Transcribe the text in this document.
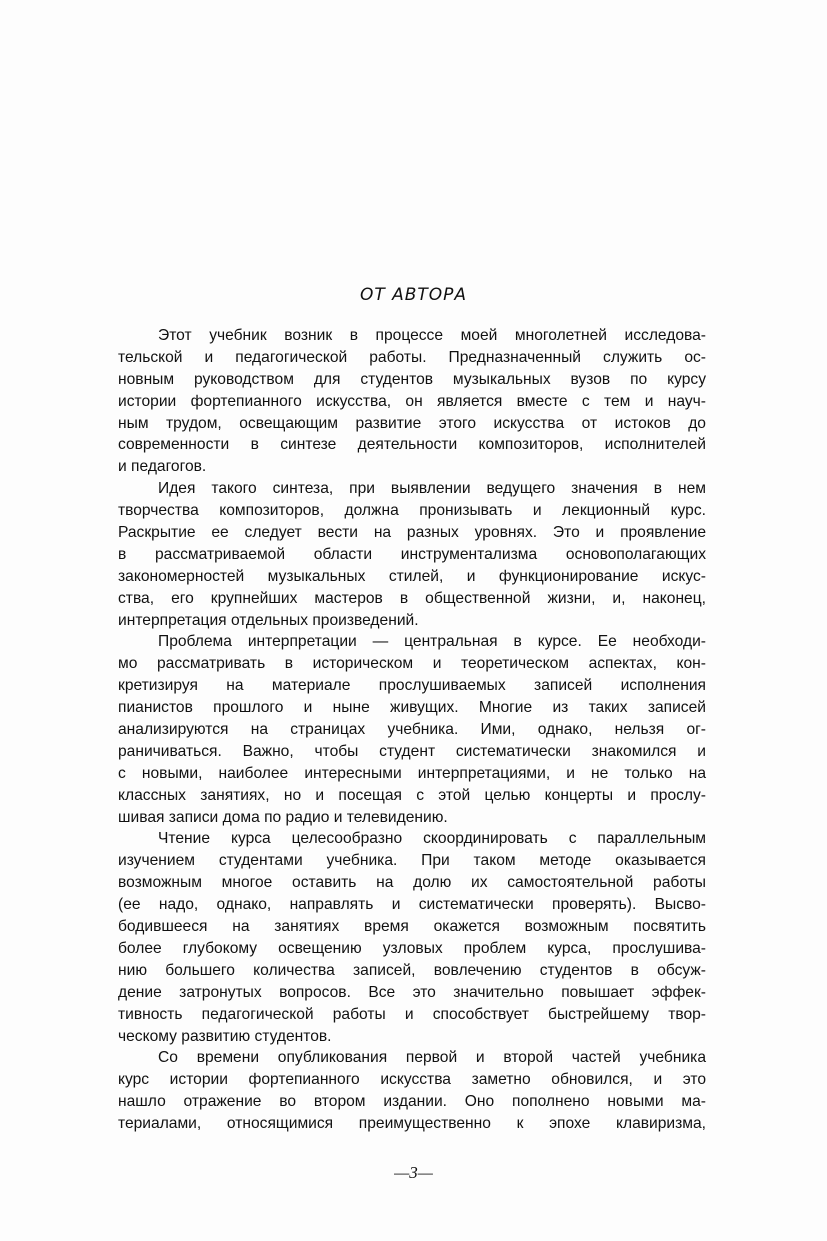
ОТ АВТОРА
Этот учебник возник в процессе моей многолетней исследова-
тельской и педагогической работы. Предназначенный служить ос-
новным руководством для студентов музыкальных вузов по курсу
истории фортепианного искусства, он является вместе с тем и науч-
ным трудом, освещающим развитие этого искусства от истоков до
современности в синтезе деятельности композиторов, исполнителей
и педагогов.
Идея такого синтеза, при выявлении ведущего значения в нем
творчества композиторов, должна пронизывать и лекционный курс.
Раскрытие ее следует вести на разных уровнях. Это и проявление
в рассматриваемой области инструментализма основополагающих
закономерностей музыкальных стилей, и функционирование искус-
ства, его крупнейших мастеров в общественной жизни, и, наконец,
интерпретация отдельных произведений.
Проблема интерпретации — центральная в курсе. Ее необходи-
мо рассматривать в историческом и теоретическом аспектах, кон-
кретизируя на материале прослушиваемых записей исполнения
пианистов прошлого и ныне живущих. Многие из таких записей
анализируются на страницах учебника. Ими, однако, нельзя ог-
раничиваться. Важно, чтобы студент систематически знакомился и
с новыми, наиболее интересными интерпретациями, и не только на
классных занятиях, но и посещая с этой целью концерты и прослу-
шивая записи дома по радио и телевидению.
Чтение курса целесообразно скоординировать с параллельным
изучением студентами учебника. При таком методе оказывается
возможным многое оставить на долю их самостоятельной работы
(ее надо, однако, направлять и систематически проверять). Высво-
бодившееся на занятиях время окажется возможным посвятить
более глубокому освещению узловых проблем курса, прослушива-
нию большего количества записей, вовлечению студентов в обсуж-
дение затронутых вопросов. Все это значительно повышает эффек-
тивность педагогической работы и способствует быстрейшему твор-
ческому развитию студентов.
Со времени опубликования первой и второй частей учебника
курс истории фортепианного искусства заметно обновился, и это
нашло отражение во втором издании. Оно пополнено новыми ма-
териалами, относящимися преимущественно к эпохе клавиризма,
—3—
